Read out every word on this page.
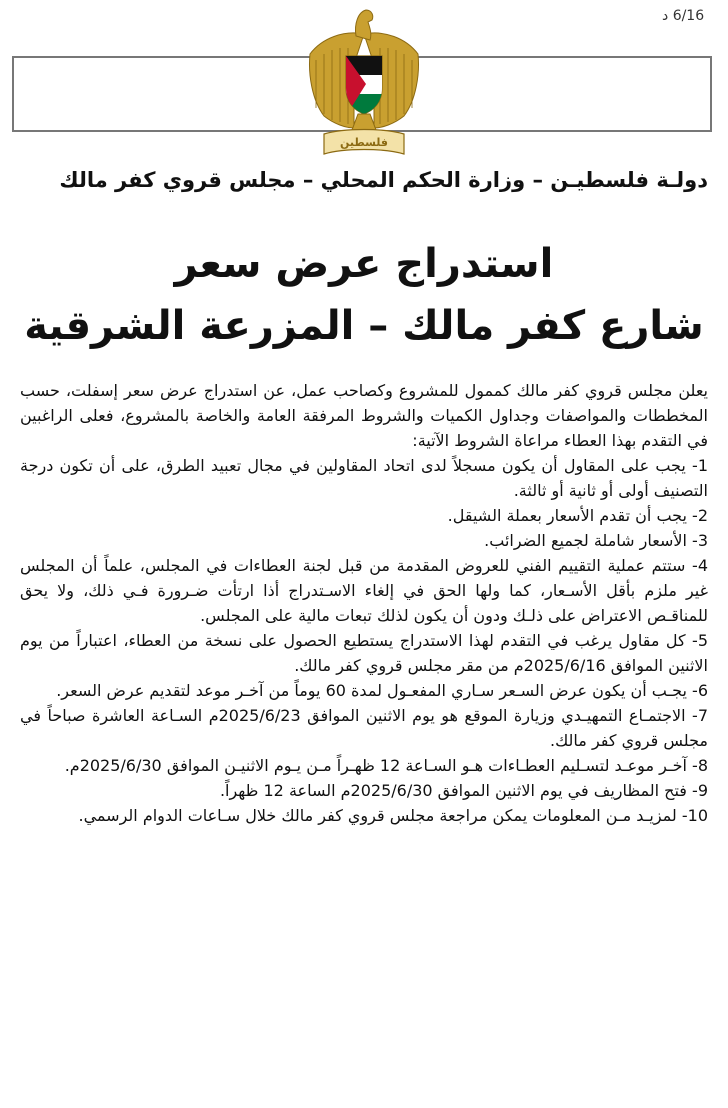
6/16 د
فلسطين
دولـة فلسطيـن – وزارة الحكم المحلي – مجلس قروي كفر مالك
استدراج عرض سعر
شارع كفر مالك – المزرعة الشرقية

يعلن مجلس قروي كفر مالك كممول للمشروع وكصاحب عمل، عن استدراج عرض سعر إسفلت، حسب المخططات والمواصفات وجداول الكميات والشروط المرفقة العامة والخاصة بالمشروع، فعلى الراغبين في التقدم بهذا العطاء مراعاة الشروط الآتية:

1- يجب على المقاول أن يكون مسجلاً لدى اتحاد المقاولين في مجال تعبيد الطرق، على أن تكون درجة التصنيف أولى أو ثانية أو ثالثة.

2- يجب أن تقدم الأسعار بعملة الشيقل.

3- الأسعار شاملة لجميع الضرائب.

4- ستتم عملية التقييم الفني للعروض المقدمة من قبل لجنة العطاءات في المجلس، علماً أن المجلس غير ملزم بأقل الأسـعار، كما ولها الحق في إلغاء الاسـتدراج أذا ارتأت ضـرورة فـي ذلك، ولا يحق للمناقـص الاعتراض على ذلـك ودون أن يكون لذلك تبعات مالية على المجلس.

5- كل مقاول يرغب في التقدم لهذا الاستدراج يستطيع الحصول على نسخة من العطاء، اعتباراً من يوم الاثنين الموافق 2025/6/16م من مقر مجلس قروي كفر مالك.

6- يجـب أن يكون عرض السـعر سـاري المفعـول لمدة 60 يوماً من آخـر موعد لتقديم عرض السعر.

7- الاجتمـاع التمهيـدي وزيارة الموقع هو يوم الاثنين الموافق 2025/6/23م السـاعة العاشرة صباحاً في مجلس قروي كفر مالك.

8- آخـر موعـد لتسـليم العطـاءات هـو السـاعة 12 ظهـراً مـن يـوم الاثنيـن الموافق 2025/6/30م.

9- فتح المظاريف في يوم الاثنين الموافق 2025/6/30م الساعة 12 ظهراً.

10- لمزيـد مـن المعلومات يمكن مراجعة مجلس قروي كفر مالك خلال سـاعات الدوام الرسمي.
